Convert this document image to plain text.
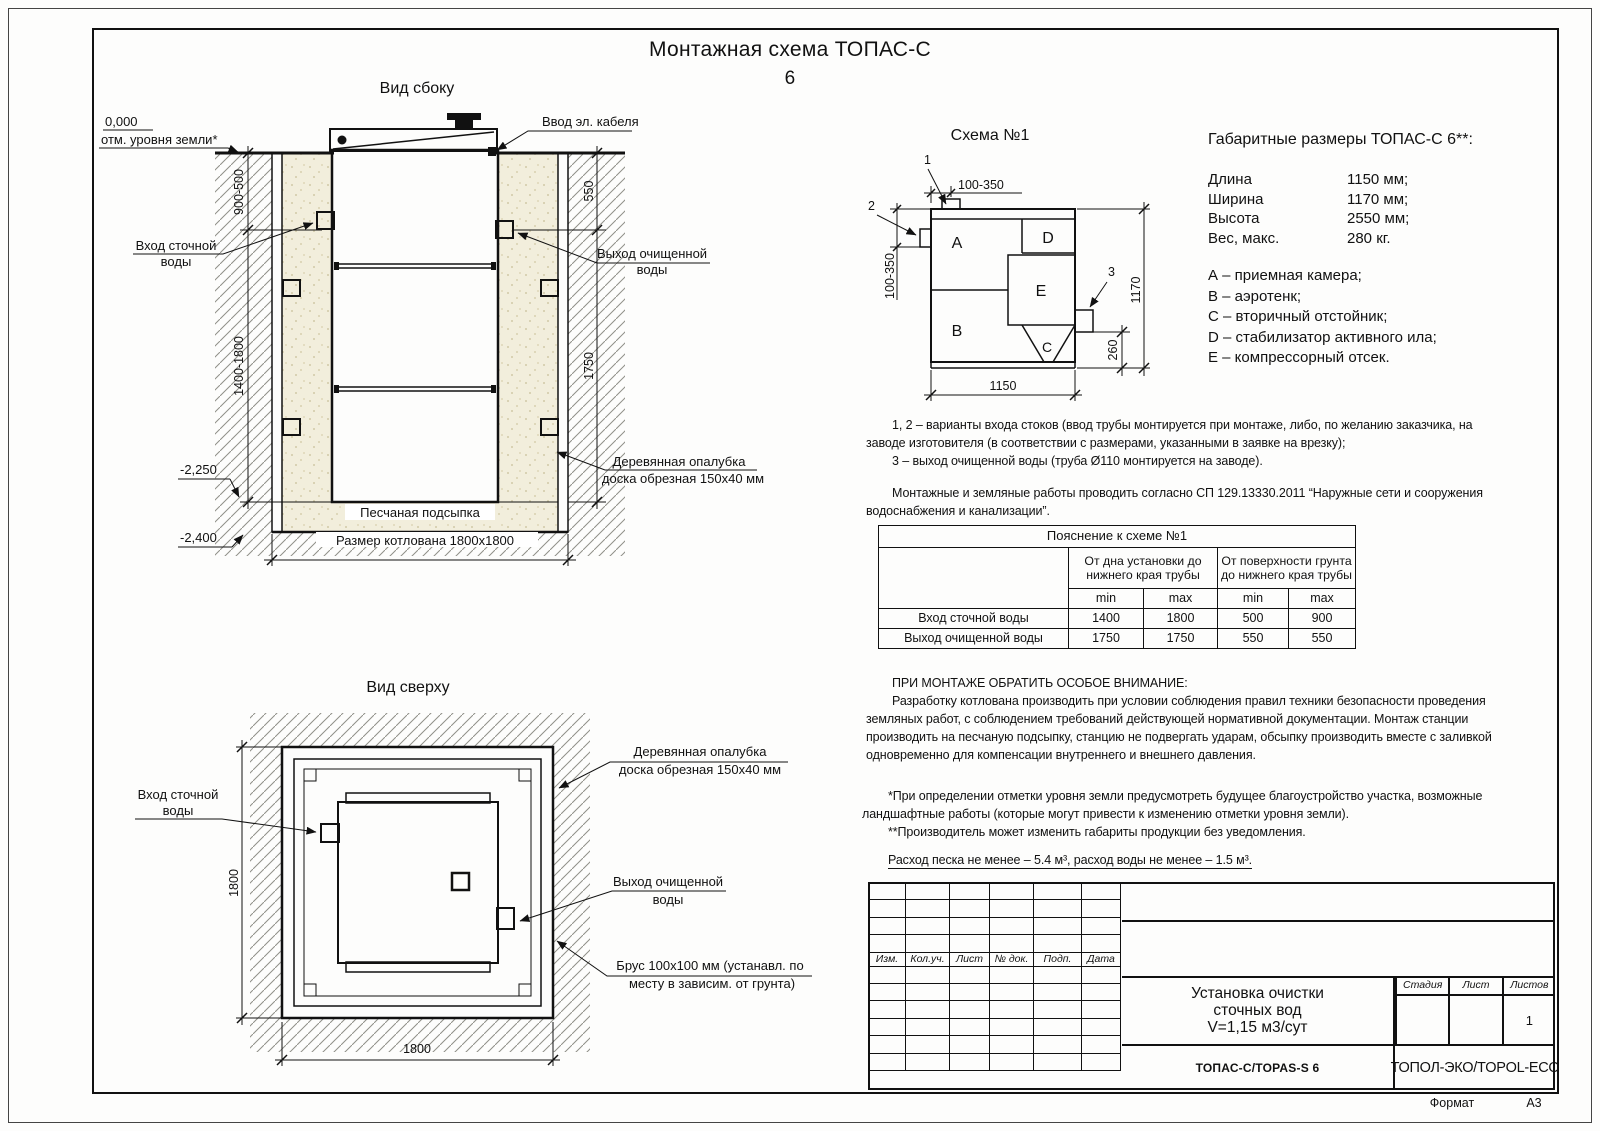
Монтажная схема ТОПАС-С
6
Вид сбоку
900-500
1400-1800
550
1750
0,000
отм. уровня земли*
Вход сточной
воды
Ввод эл. кабеля
Выход очищенной
воды
Деревянная опалубка
доска обрезная 150х40 мм
Песчаная подсыпка
-2,250
-2,400	Размер котлована 1800х1800
Вид сверху
1800
1800
Вход сточной
воды
Деревянная опалубка
доска обрезная 150х40 мм
Выход очищенной
воды
Брус 100х100 мм (устанавл. по
месту в зависим. от грунта)
Схема №1
A
B
D
E
C
1
2
3
100-350
100-350	1170
260
1150
Габаритные размеры ТОПАС-С 6**:
Длина	1150 мм;
Ширина	1170 мм;
Высота	2550 мм;
Вес, макс.	280 кг.
А – приемная камера;
В – аэротенк;
С – вторичный отстойник;
D – стабилизатор активного ила;
Е – компрессорный отсек.
1, 2 – варианты входа стоков (ввод трубы монтируется при монтаже, либо, по желанию заказчика, на
заводе изготовителя (в соответствии с размерами, указанными в заявке на врезку);
3 – выход очищенной воды (труба Ø110 монтируется на заводе).
Монтажные и земляные работы проводить согласно СП 129.13330.2011 “Наружные сети и сооружения
водоснабжения и канализации”.
Пояснение к схеме №1				

От дна установки до
нижнего края трубы

От поверхности грунта
до нижнего края трубы

	min	max	min	max
Вход сточной воды	1400	1800	500	900
Выход очищенной воды	1750	1750	550	550
ПРИ МОНТАЖЕ ОБРАТИТЬ ОСОБОЕ ВНИМАНИЕ:
Разработку котлована производить при условии соблюдения правил техники безопасности проведения
земляных работ, с соблюдением требований действующей нормативной документации. Монтаж станции
производить на песчаную подсыпку, станцию не подвергать ударам, обсыпку производить вместе с заливкой
одновременно для компенсации внутреннего и внешнего давления.
*При определении отметки уровня земли предусмотреть будущее благоустройство участка, возможные
ландшафтные работы (которые могут привести к изменению отметки уровня земли).
**Производитель может изменить габариты продукции без уведомления.
Расход песка не менее – 5.4 м³, расход воды не менее – 1.5 м³.

Изм.	Кол.уч.	Лист	№ док.	Подп.	Дата

Установка очистки
сточных вод
V=1,15 м3/сут
Стадия	Лист	Листов
1
ТОПАС-С/TOPAS-S 6	ТОПОЛ-ЭКО/TOPOL-ECO
Формат	А3
